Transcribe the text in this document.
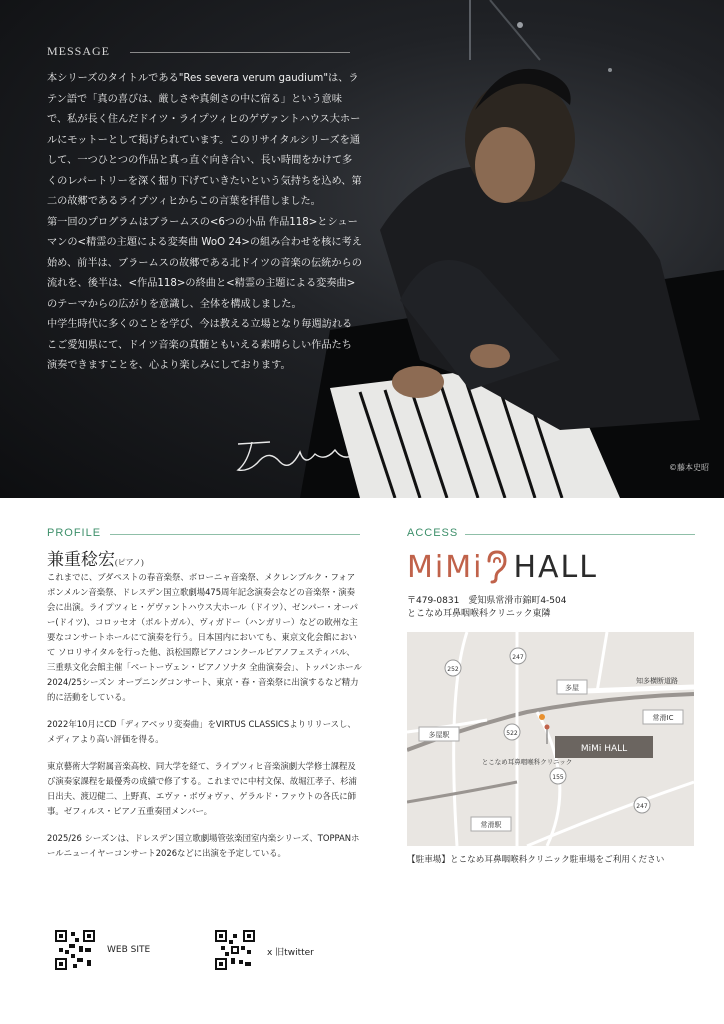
MESSAGE

本シリーズのタイトルである"Res severa verum gaudium"は、ラテン語で「真の喜びは、厳しさや真剣さの中に宿る」という意味で、私が長く住んだドイツ・ライプツィヒのゲヴァントハウス大ホールにモットーとして掲げられています。このリサイタルシリーズを通して、一つひとつの作品と真っ直ぐ向き合い、長い時間をかけて多くのレパートリーを深く掘り下げていきたいという気持ちを込め、第二の故郷であるライプツィヒからこの言葉を拝借しました。

第一回のプログラムはブラームスの<6つの小品 作品118>とシューマンの<精霊の主題による変奏曲 WoO 24>の組み合わせを核に考え始め、前半は、ブラームスの故郷である北ドイツの音楽の伝統からの流れを、後半は、<作品118>の終曲と<精霊の主題による変奏曲>のテーマからの広がりを意識し、全体を構成しました。

中学生時代に多くのことを学び、今は教える立場となり毎週訪れるこご愛知県にて、ドイツ音楽の真髄ともいえる素晴らしい作品たち演奏できますことを、心より楽しみにしております。

©藤本史昭
PROFILE
兼重稔宏(ピアノ)

これまでに、ブダペストの春音楽祭、ボローニャ音楽祭、メクレンブルク・フォアポンメルン音楽祭、ドレスデン国立歌劇場475周年記念演奏会などの音楽祭・演奏会に出演。ライプツィヒ・ゲヴァントハウス大ホール（ドイツ）、ゼンパー・オーパー(ドイツ)、コロッセオ（ポルトガル）、ヴィガドー（ハンガリー）などの欧州な主要なコンサートホールにて演奏を行う。日本国内においても、東京文化会館において ソロリサイタルを行った他、浜松国際ピアノコンクールピアノフェスティバル、三重県文化会館主催「ベートーヴェン・ピアノソナタ 全曲演奏会」、トッパンホール2024/25シーズン オープニングコンサート、東京・春・音楽祭に出演するなど精力的に活動をしている。

2022年10月にCD「ディアベッリ変奏曲」をVIRTUS CLASSICSよりリリースし、メディアより高い評価を得る。

東京藝術大学附属音楽高校、同大学を経て、ライプツィヒ音楽演劇大学修士課程及び演奏家課程を最優秀の成績で修了する。これまでに中村文保、故堀江孝子、杉浦日出夫、渡辺健二、上野真、エヴァ・ボヴォヴァ、ゲラルド・ファウトの各氏に師事。ゼフィルス・ピアノ五重奏団メンバー。

2025/26 シーズンは、ドレスデン国立歌劇場管弦楽団室内楽シリーズ、TOPPANホールニューイヤーコンサート2026などに出演を予定している。

WEB SITE	x 旧twitter
ACCESS
MiMi HALL
〒479-0831　愛知県常滑市錦町4-504
とこなめ耳鼻咽喉科クリニック東隣
252
247
522
155
247
多屋
多屋駅
常滑IC
知多横断道路
常滑駅
MiMi HALL
とこなめ耳鼻咽喉科クリニック
【駐車場】とこなめ耳鼻咽喉科クリニック駐車場をご利用ください
